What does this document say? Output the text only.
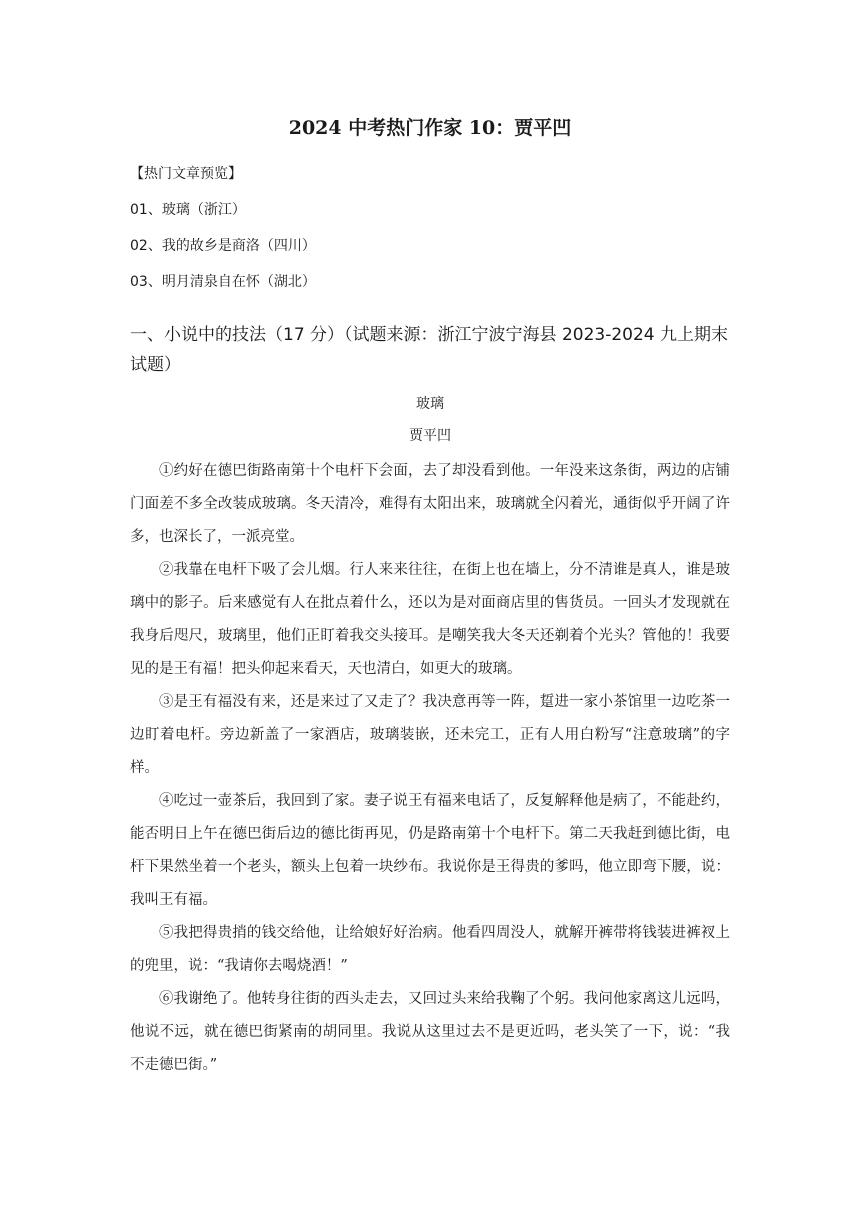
2024 中考热门作家 10：贾平凹
【热门文章预览】
01、玻璃（浙江）
02、我的故乡是商洛（四川）
03、明月清泉自在怀（湖北）
一、小说中的技法（17 分）（试题来源：浙江宁波宁海县 2023-2024 九上期末试题）
玻璃
贾平凹

①约好在德巴街路南第十个电杆下会面，去了却没看到他。一年没来这条街，两边的店铺门面差不多全改装成玻璃。冬天清冷，难得有太阳出来，玻璃就全闪着光，通街似乎开阔了许多，也深长了，一派亮堂。

②我靠在电杆下吸了会儿烟。行人来来往往，在街上也在墙上，分不清谁是真人，谁是玻璃中的影子。后来感觉有人在批点着什么，还以为是对面商店里的售货员。一回头才发现就在我身后咫尺，玻璃里，他们正盯着我交头接耳。是嘲笑我大冬天还剃着个光头？管他的！我要见的是王有福！把头仰起来看天，天也清白，如更大的玻璃。

③是王有福没有来，还是来过了又走了？我决意再等一阵，踅进一家小茶馆里一边吃茶一边盯着电杆。旁边新盖了一家酒店，玻璃装嵌，还未完工，正有人用白粉写“注意玻璃”的字样。

④吃过一壶茶后，我回到了家。妻子说王有福来电话了，反复解释他是病了，不能赴约，能否明日上午在德巴街后边的德比街再见，仍是路南第十个电杆下。第二天我赶到德比街，电杆下果然坐着一个老头，额头上包着一块纱布。我说你是王得贵的爹吗，他立即弯下腰，说：我叫王有福。

⑤我把得贵捎的钱交给他，让给娘好好治病。他看四周没人，就解开裤带将钱装进裤衩上的兜里，说：“我请你去喝烧酒！”

⑥我谢绝了。他转身往街的西头走去，又回过头来给我鞠了个躬。我问他家离这儿远吗，他说不远，就在德巴街紧南的胡同里。我说从这里过去不是更近吗，老头笑了一下，说：“我不走德巴街。”
